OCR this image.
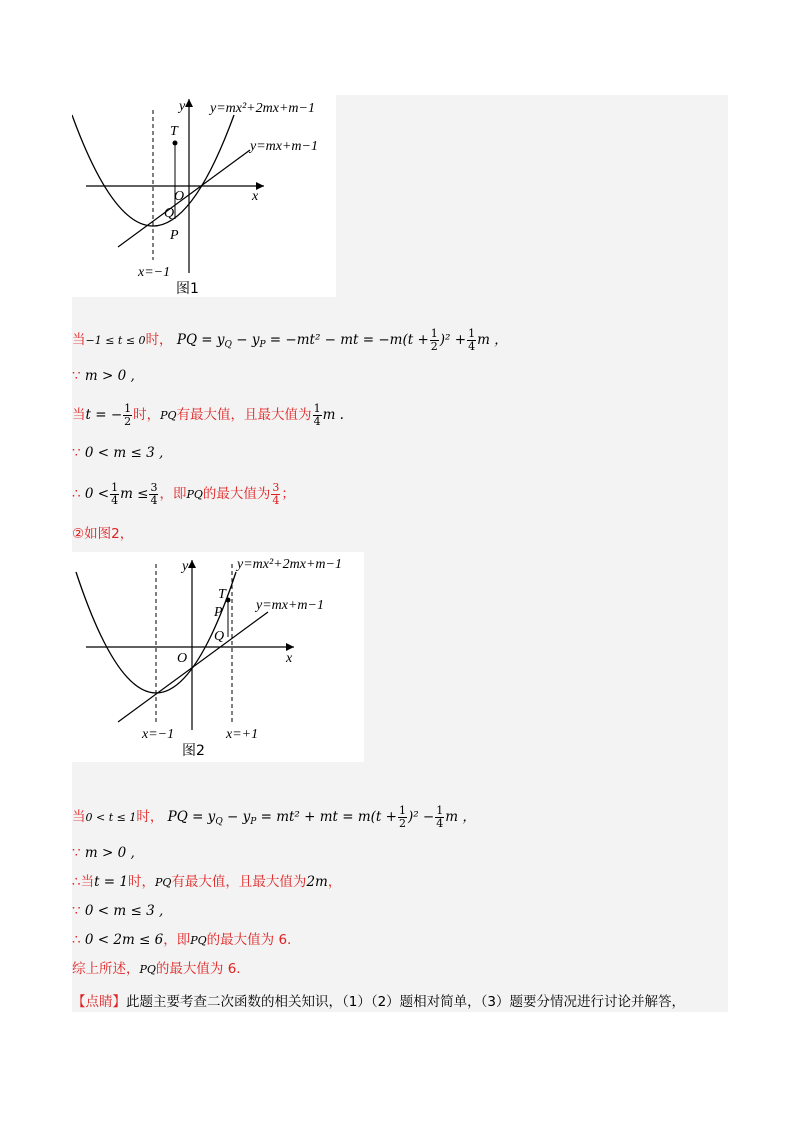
T
y
x
O
Q
P
y=mx²+2mx+m−1
y=mx+m−1
x=−1
图1
当−1 ≤ t ≤ 0时， PQ = $y_Q - y_P = -mt^2$ − mt = $-m(t + \frac{1}{2} )^2 + \frac{1}{4}$ m ，
∵ m > 0 ,
当t = − $\frac{1}{2}$ 时，PQ有最大值，且最大值为 $\frac{1}{4}$ m .
∵ 0 < m ≤ 3 ,
∴ $0 < \frac{1}{4}$ $m \le \frac{3}{4}$ ，即PQ的最大值为 $\frac{3}{4}$ ；
②如图2，
T
P
Q
y
x
O
y=mx²+2mx+m−1
y=mx+m−1
x=−1	x=+1
图2
当0 < t ≤ 1时， PQ = $y_Q - y_P = mt^2$ + mt = $m(t + \frac{1}{2} )^2 - \frac{1}{4}$ m ，
∵ m > 0 ,
∴当t = 1时，PQ有最大值，且最大值为2m，
∵ 0 < m ≤ 3 ,
∴ 0 < 2m ≤ 6，即PQ的最大值为 6.
综上所述，PQ的最大值为 6.
【点睛】此题主要考查二次函数的相关知识，（1）（2）题相对简单，（3）题要分情况进行讨论并解答，
